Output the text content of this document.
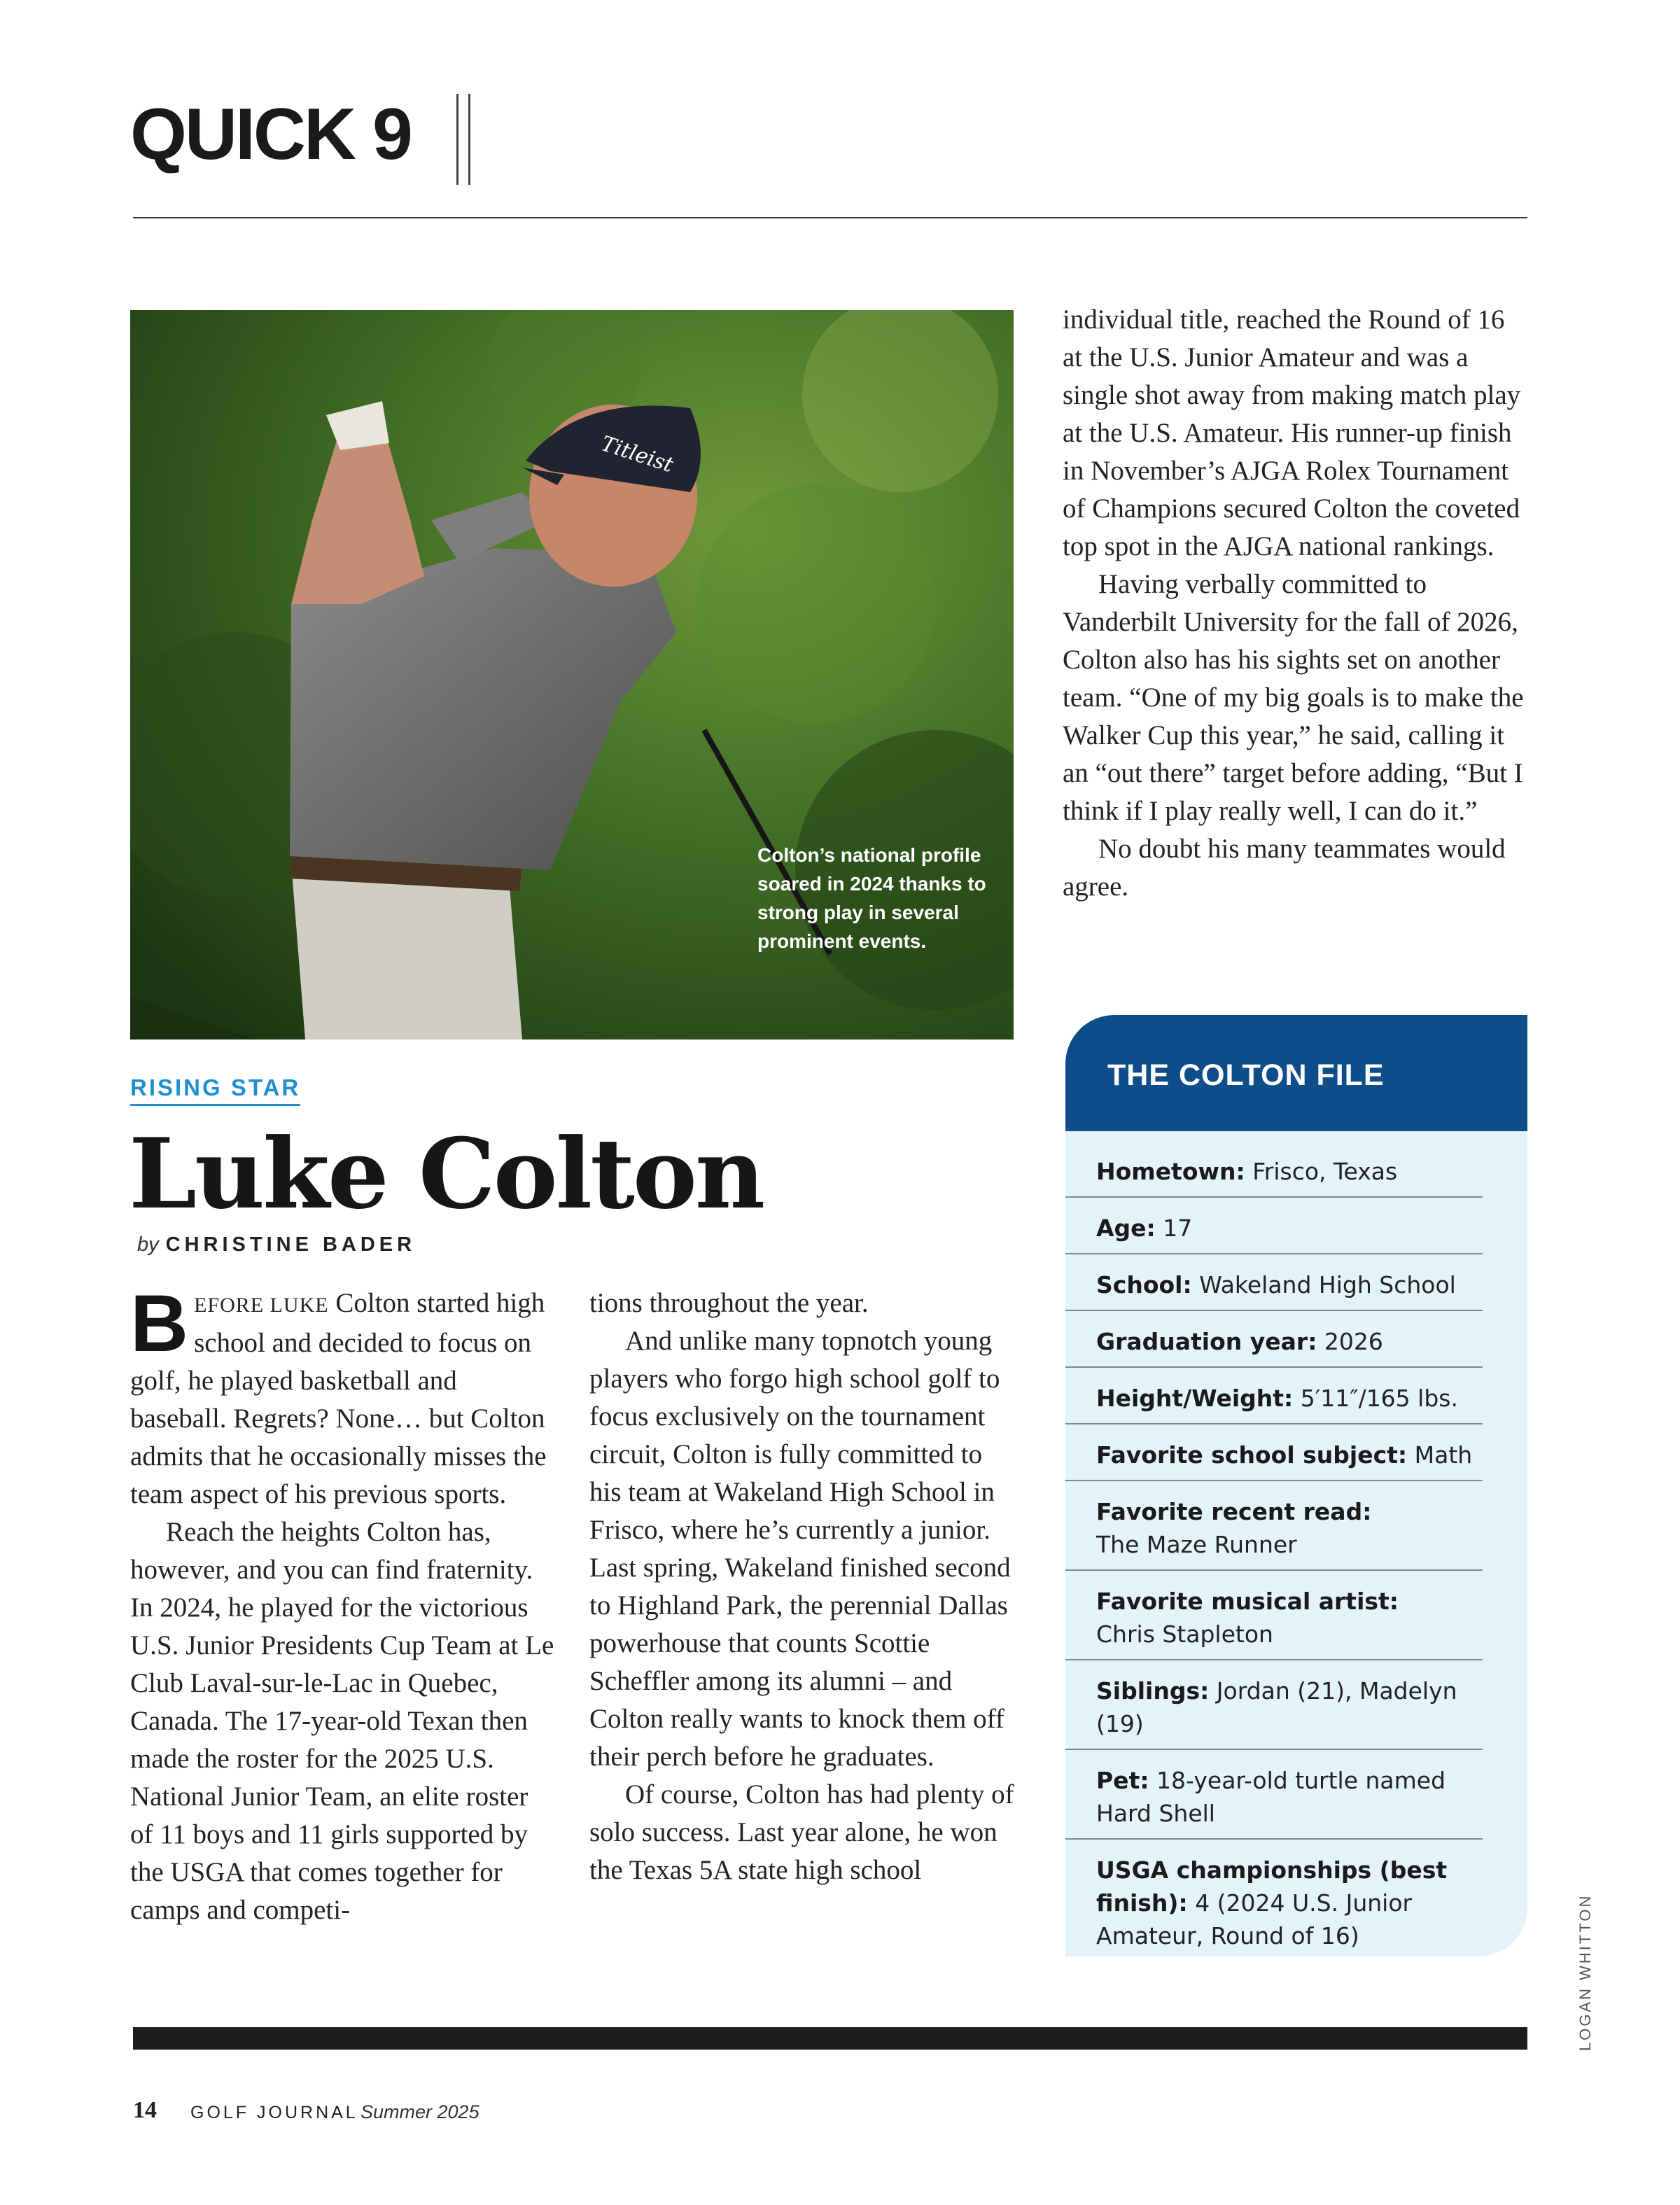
QUICK 9
Titleist
Colton’s national profile soared in 2024 thanks to strong play in several prominent events.
RISING STAR
Luke Colton
by CHRISTINE BADER

BEFORE LUKE Colton started high school and decided to focus on golf, he played basketball and baseball. Regrets? None… but Colton admits that he occasionally misses the team aspect of his previous sports.

Reach the heights Colton has, however, and you can find fraternity. In 2024, he played for the victorious U.S. Junior Presidents Cup Team at Le Club Laval-sur-le-Lac in Quebec, Canada. The 17-year-old Texan then made the roster for the 2025 U.S. National Junior Team, an elite roster of 11 boys and 11 girls supported by the USGA that comes together for camps and competi-

tions throughout the year.

And unlike many topnotch young players who forgo high school golf to focus exclusively on the tournament circuit, Colton is fully committed to his team at Wakeland High School in Frisco, where he’s currently a junior. Last spring, Wakeland finished second to Highland Park, the perennial Dallas powerhouse that counts Scottie Scheffler among its alumni – and Colton really wants to knock them off their perch before he graduates.

Of course, Colton has had plenty of solo success. Last year alone, he won the Texas 5A state high school

individual title, reached the Round of 16 at the U.S. Junior Amateur and was a single shot away from making match play at the U.S. Amateur. His runner-up finish in November’s AJGA Rolex Tournament of Champions secured Colton the coveted top spot in the AJGA national rankings.

Having verbally committed to Vanderbilt University for the fall of 2026, Colton also has his sights set on another team. “One of my big goals is to make the Walker Cup this year,” he said, calling it an “out there” target before adding, “But I think if I play really well, I can do it.”

No doubt his many teammates would agree.

THE COLTON FILE
Hometown: Frisco, Texas
Age: 17
School: Wakeland High School
Graduation year: 2026
Height/Weight: 5′11″/165 lbs.
Favorite school subject: Math
Favorite recent read:
The Maze Runner
Favorite musical artist:
Chris Stapleton
Siblings: Jordan (21), Madelyn (19)
Pet: 18-year-old turtle named Hard Shell
USGA championships (best finish): 4 (2024 U.S. Junior Amateur, Round of 16)	LOGAN WHITTON
14 GOLF JOURNAL Summer 2025
